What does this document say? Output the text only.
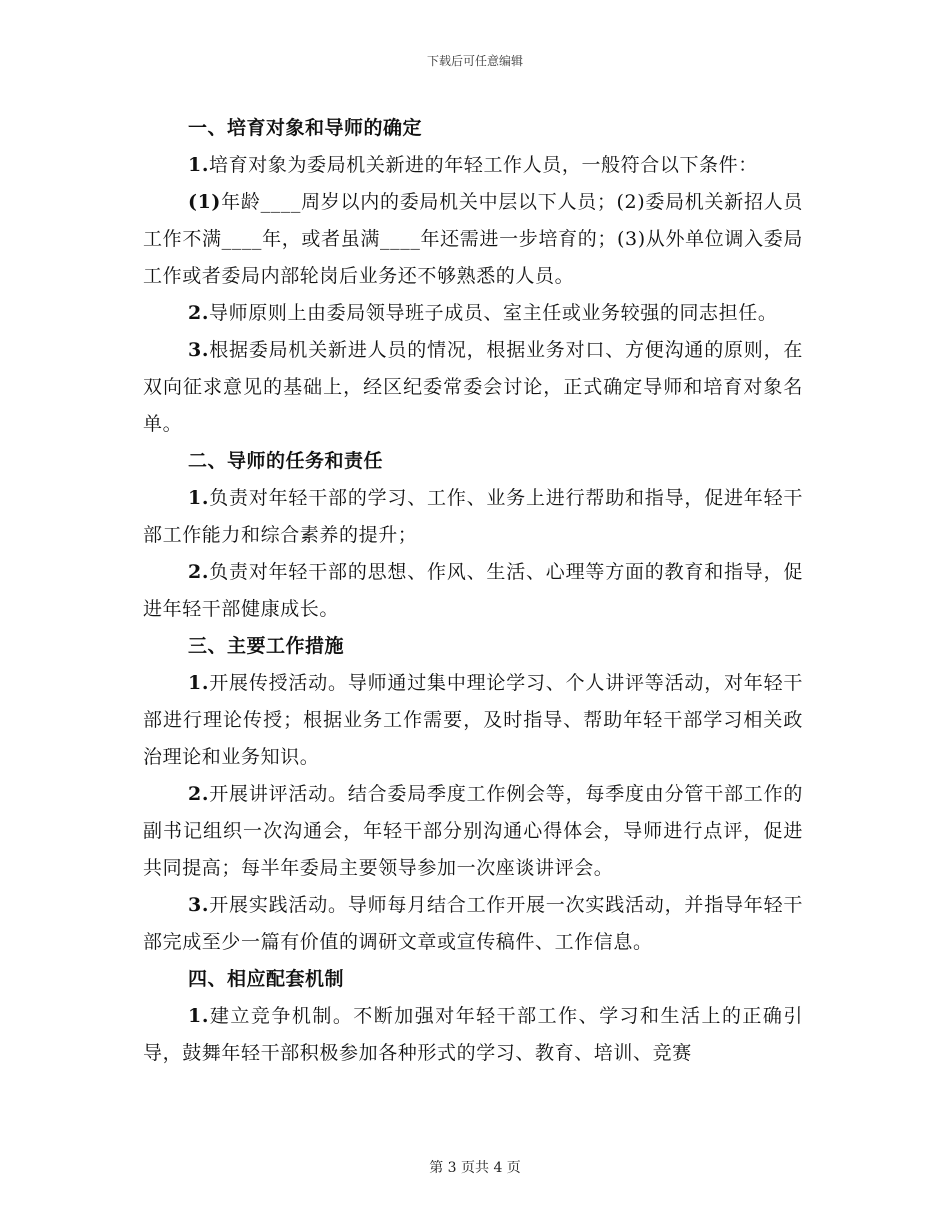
下载后可任意编辑

一、培育对象和导师的确定

1.培育对象为委局机关新进的年轻工作人员，一般符合以下条件：

(1)年龄____周岁以内的委局机关中层以下人员；(2)委局机关新招人员工作不满____年，或者虽满____年还需进一步培育的；(3)从外单位调入委局工作或者委局内部轮岗后业务还不够熟悉的人员。

2.导师原则上由委局领导班子成员、室主任或业务较强的同志担任。

3.根据委局机关新进人员的情况，根据业务对口、方便沟通的原则，在双向征求意见的基础上，经区纪委常委会讨论，正式确定导师和培育对象名单。

二、导师的任务和责任

1.负责对年轻干部的学习、工作、业务上进行帮助和指导，促进年轻干部工作能力和综合素养的提升；

2.负责对年轻干部的思想、作风、生活、心理等方面的教育和指导，促进年轻干部健康成长。

三、主要工作措施

1.开展传授活动。导师通过集中理论学习、个人讲评等活动，对年轻干部进行理论传授；根据业务工作需要，及时指导、帮助年轻干部学习相关政治理论和业务知识。

2.开展讲评活动。结合委局季度工作例会等，每季度由分管干部工作的副书记组织一次沟通会，年轻干部分别沟通心得体会，导师进行点评，促进共同提高；每半年委局主要领导参加一次座谈讲评会。

3.开展实践活动。导师每月结合工作开展一次实践活动，并指导年轻干部完成至少一篇有价值的调研文章或宣传稿件、工作信息。

四、相应配套机制

1.建立竞争机制。不断加强对年轻干部工作、学习和生活上的正确引导，鼓舞年轻干部积极参加各种形式的学习、教育、培训、竞赛

第 3 页共 4 页
